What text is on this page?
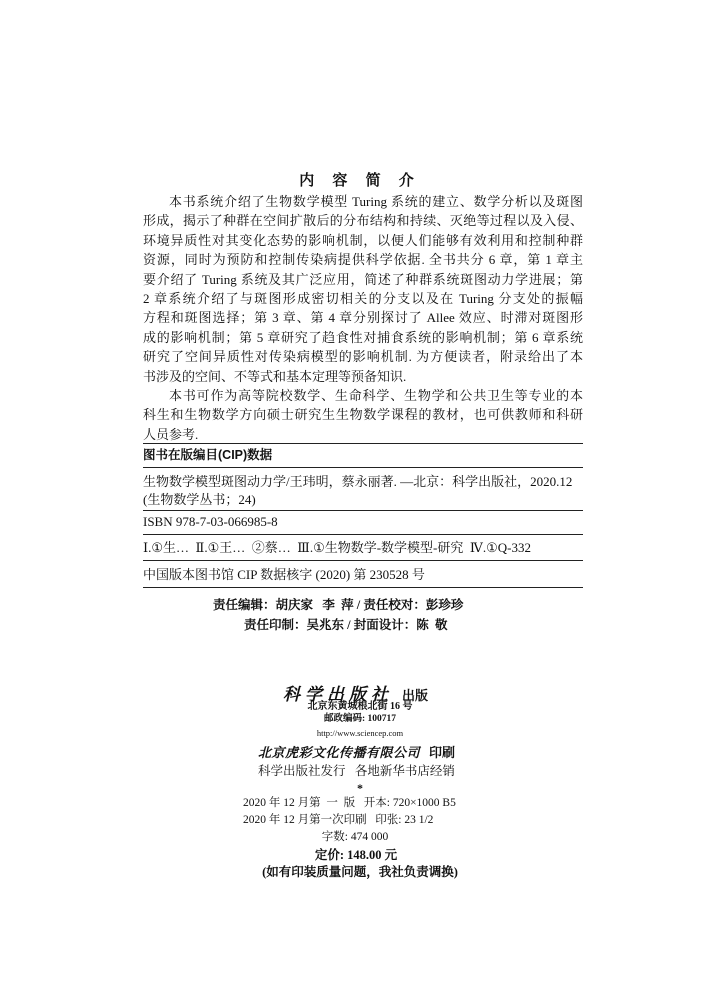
内 容 简 介
本书系统介绍了生物数学模型 Turing 系统的建立、数学分析以及斑图
形成，揭示了种群在空间扩散后的分布结构和持续、灭绝等过程以及入侵、
环境异质性对其变化态势的影响机制，以便人们能够有效利用和控制种群
资源，同时为预防和控制传染病提供科学依据. 全书共分 6 章，第 1 章主
要介绍了 Turing 系统及其广泛应用，简述了种群系统斑图动力学进展；第
2 章系统介绍了与斑图形成密切相关的分支以及在 Turing 分支处的振幅
方程和斑图选择；第 3 章、第 4 章分别探讨了 Allee 效应、时滞对斑图形
成的影响机制；第 5 章研究了趋食性对捕食系统的影响机制；第 6 章系统
研究了空间异质性对传染病模型的影响机制. 为方便读者，附录给出了本
书涉及的空间、不等式和基本定理等预备知识.
本书可作为高等院校数学、生命科学、生物学和公共卫生等专业的本
科生和生物数学方向硕士研究生生物数学课程的教材，也可供教师和科研
人员参考.
图书在版编目(CIP)数据
生物数学模型斑图动力学/王玮明，蔡永丽著. —北京：科学出版社，2020.12
(生物数学丛书；24)
ISBN 978-7-03-066985-8
Ⅰ.①生…  Ⅱ.①王…  ②蔡…  Ⅲ.①生物数学-数学模型-研究  Ⅳ.①Q-332
中国版本图书馆 CIP 数据核字 (2020) 第 230528 号
责任编辑：胡庆家   李  萍 / 责任校对：彭珍珍
责任印制：吴兆东 / 封面设计：陈  敬
科学出版社 出版
北京东黄城根北街 16 号
邮政编码: 100717
http://www.sciencep.com
北京虎彩文化传播有限公司 印刷
科学出版社发行   各地新华书店经销
*
2020 年 12 月第  一  版   开本: 720×1000 B5
2020 年 12 月第一次印刷   印张: 23 1/2
字数: 474 000
定价: 148.00 元
(如有印装质量问题，我社负责调换)
